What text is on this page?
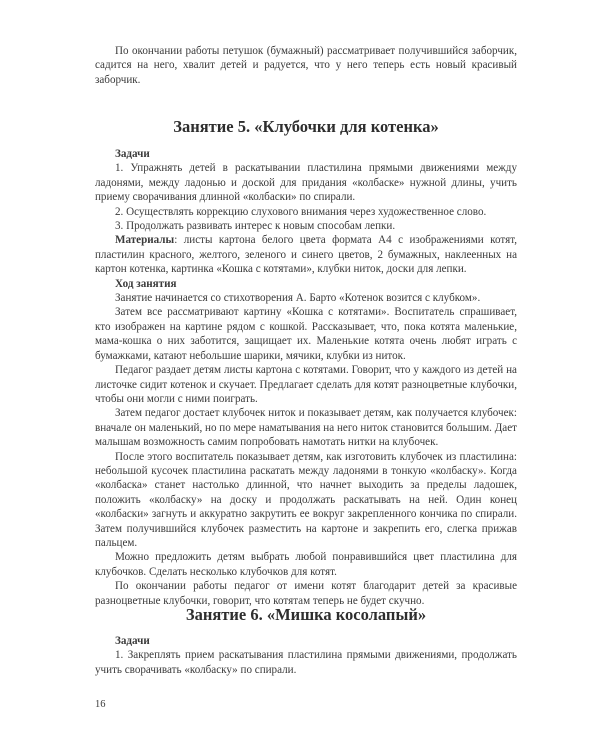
По окончании работы петушок (бумажный) рассматривает получившийся заборчик, садится на него, хвалит детей и радуется, что у него теперь есть новый красивый заборчик.
Занятие 5. «Клубочки для котенка»

Задачи

1. Упражнять детей в раскатывании пластилина прямыми движениями между ладонями, между ладонью и доской для придания «колбаске» нужной длины, учить приему сворачивания длинной «колбаски» по спирали.

2. Осуществлять коррекцию слухового внимания через художественное слово.

3. Продолжать развивать интерес к новым способам лепки.

Материалы: листы картона белого цвета формата А4 с изображениями котят, пластилин красного, желтого, зеленого и синего цветов, 2 бумажных, наклеенных на картон котенка, картинка «Кошка с котятами», клубки ниток, доски для лепки.

Ход занятия

Занятие начинается со стихотворения А. Барто «Котенок возится с клубком».

Затем все рассматривают картину «Кошка с котятами». Воспитатель спрашивает, кто изображен на картине рядом с кошкой. Рассказывает, что, пока котята маленькие, мама-кошка о них заботится, защищает их. Маленькие котята очень любят играть с бумажками, катают небольшие шарики, мячики, клубки из ниток.

Педагог раздает детям листы картона с котятами. Говорит, что у каждого из детей на листочке сидит котенок и скучает. Предлагает сделать для котят разноцветные клубочки, чтобы они могли с ними поиграть.

Затем педагог достает клубочек ниток и показывает детям, как получается клубочек: вначале он маленький, но по мере наматывания на него ниток становится большим. Дает малышам возможность самим попробовать намотать нитки на клубочек.

После этого воспитатель показывает детям, как изготовить клубочек из пластилина: небольшой кусочек пластилина раскатать между ладонями в тонкую «колбаску». Когда «колбаска» станет настолько длинной, что начнет выходить за пределы ладошек, положить «колбаску» на доску и продолжать раскатывать на ней. Один конец «колбаски» загнуть и аккуратно закрутить ее вокруг закрепленного кончика по спирали. Затем получившийся клубочек разместить на картоне и закрепить его, слегка прижав пальцем.

Можно предложить детям выбрать любой понравившийся цвет пластилина для клубочков. Сделать несколько клубочков для котят.

По окончании работы педагог от имени котят благодарит детей за красивые разноцветные клубочки, говорит, что котятам теперь не будет скучно.

Занятие 6. «Мишка косолапый»

Задачи

1. Закреплять прием раскатывания пластилина прямыми движениями, продолжать учить сворачивать «колбаску» по спирали.

16
